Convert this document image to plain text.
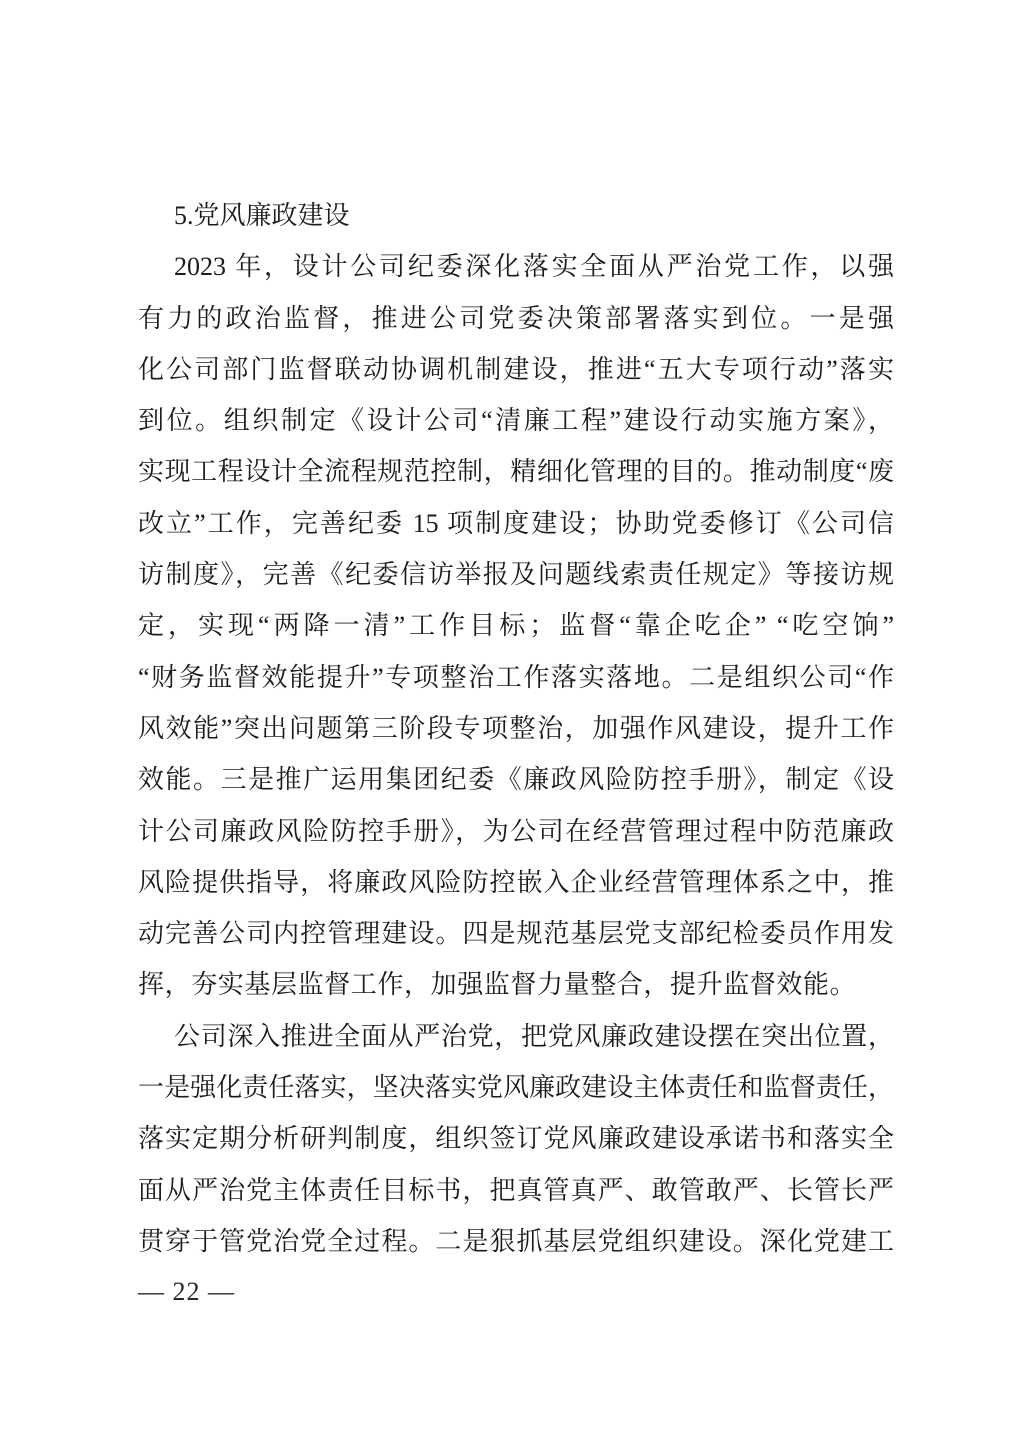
5.党风廉政建设
2023 年，设计公司纪委深化落实全面从严治党工作，以强
有力的政治监督，推进公司党委决策部署落实到位。一是强
化公司部门监督联动协调机制建设，推进“五大专项行动”落实
到位。组织制定《设计公司“清廉工程”建设行动实施方案》，
实现工程设计全流程规范控制，精细化管理的目的。推动制度“废
改立”工作，完善纪委 15 项制度建设；协助党委修订《公司信
访制度》，完善《纪委信访举报及问题线索责任规定》等接访规
定，实现“两降一清”工作目标；监督“靠企吃企” “吃空饷”
“财务监督效能提升”专项整治工作落实落地。二是组织公司“作
风效能”突出问题第三阶段专项整治，加强作风建设，提升工作
效能。三是推广运用集团纪委《廉政风险防控手册》，制定《设
计公司廉政风险防控手册》，为公司在经营管理过程中防范廉政
风险提供指导，将廉政风险防控嵌入企业经营管理体系之中，推
动完善公司内控管理建设。四是规范基层党支部纪检委员作用发
挥，夯实基层监督工作，加强监督力量整合，提升监督效能。
公司深入推进全面从严治党，把党风廉政建设摆在突出位置，
一是强化责任落实，坚决落实党风廉政建设主体责任和监督责任，
落实定期分析研判制度，组织签订党风廉政建设承诺书和落实全
面从严治党主体责任目标书，把真管真严、敢管敢严、长管长严
贯穿于管党治党全过程。二是狠抓基层党组织建设。深化党建工
— 22 —
